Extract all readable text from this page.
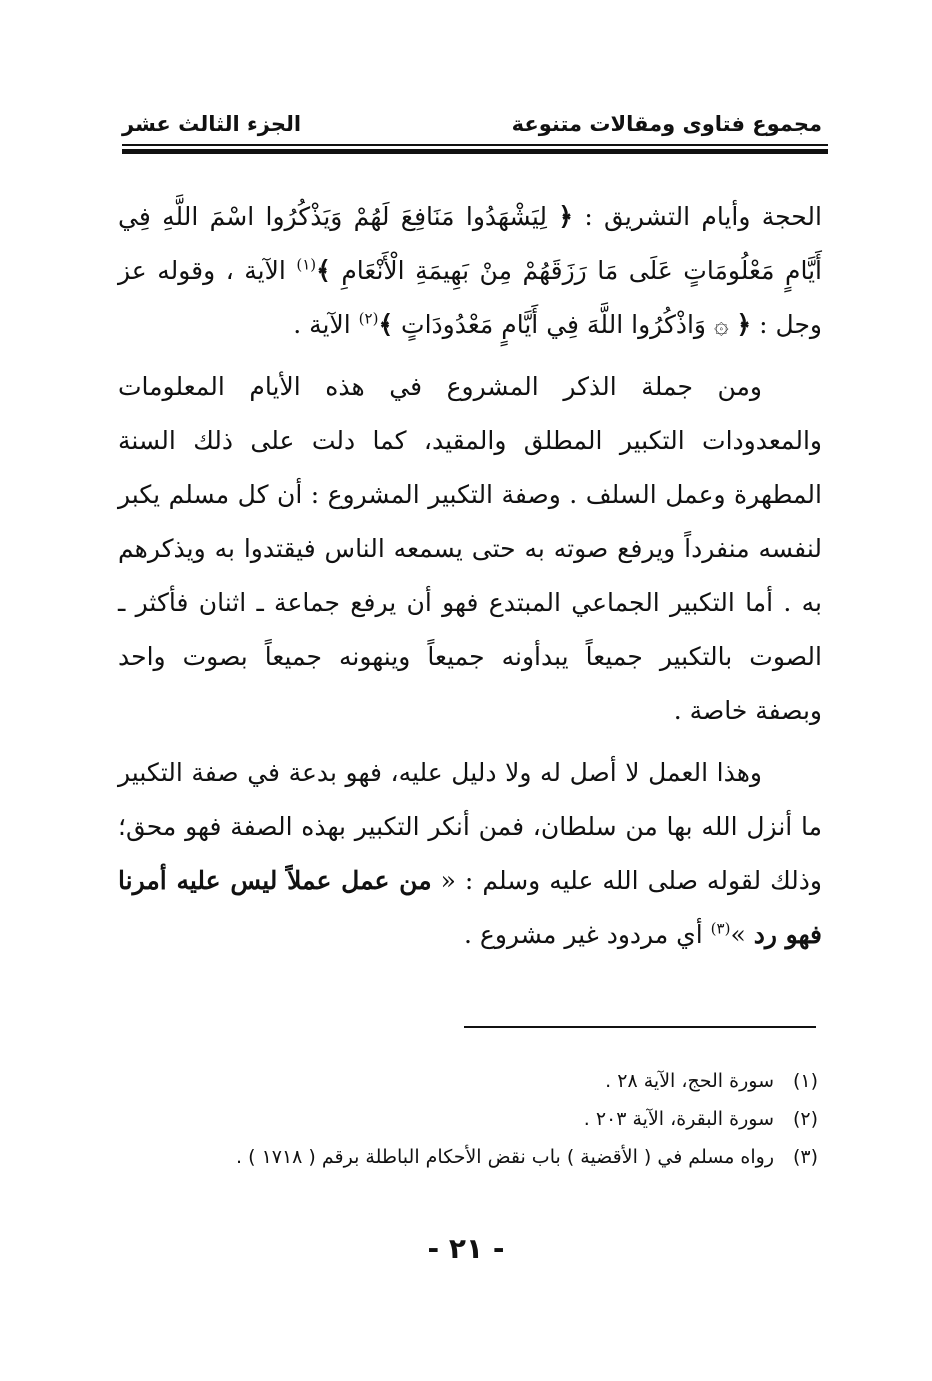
مجموع فتاوى ومقالات متنوعة
الجزء الثالث عشر

الحجة وأيام التشريق : ﴿ لِيَشْهَدُوا مَنَافِعَ لَهُمْ وَيَذْكُرُوا اسْمَ اللَّهِ فِي أَيَّامٍ مَعْلُومَاتٍ عَلَى مَا رَزَقَهُمْ مِنْ بَهِيمَةِ الْأَنْعَامِ ﴾$^{(١)}$ الآية ، وقوله عز وجل : ﴿ ۞ وَاذْكُرُوا اللَّهَ فِي أَيَّامٍ مَعْدُودَاتٍ ﴾$^{(٢)}$ الآية .

ومن جملة الذكر المشروع في هذه الأيام المعلومات والمعدودات التكبير المطلق والمقيد، كما دلت على ذلك السنة المطهرة وعمل السلف . وصفة التكبير المشروع : أن كل مسلم يكبر لنفسه منفرداً ويرفع صوته به حتى يسمعه الناس فيقتدوا به ويذكرهم به . أما التكبير الجماعي المبتدع فهو أن يرفع جماعة ـ اثنان فأكثر ـ الصوت بالتكبير جميعاً يبدأونه جميعاً وينهونه جميعاً بصوت واحد وبصفة خاصة .

وهذا العمل لا أصل له ولا دليل عليه، فهو بدعة في صفة التكبير ما أنزل الله بها من سلطان، فمن أنكر التكبير بهذه الصفة فهو محق؛ وذلك لقوله صلى الله عليه وسلم : « من عمل عملاً ليس عليه أمرنا فهو رد »$^{(٣)}$ أي مردود غير مشروع .

(١)
سورة الحج، الآية ٢٨ .
(٢)
سورة البقرة، الآية ٢٠٣ .
(٣)
رواه مسلم في ( الأقضية ) باب نقض الأحكام الباطلة برقم ( ١٧١٨ ) .
- ٢١ -
